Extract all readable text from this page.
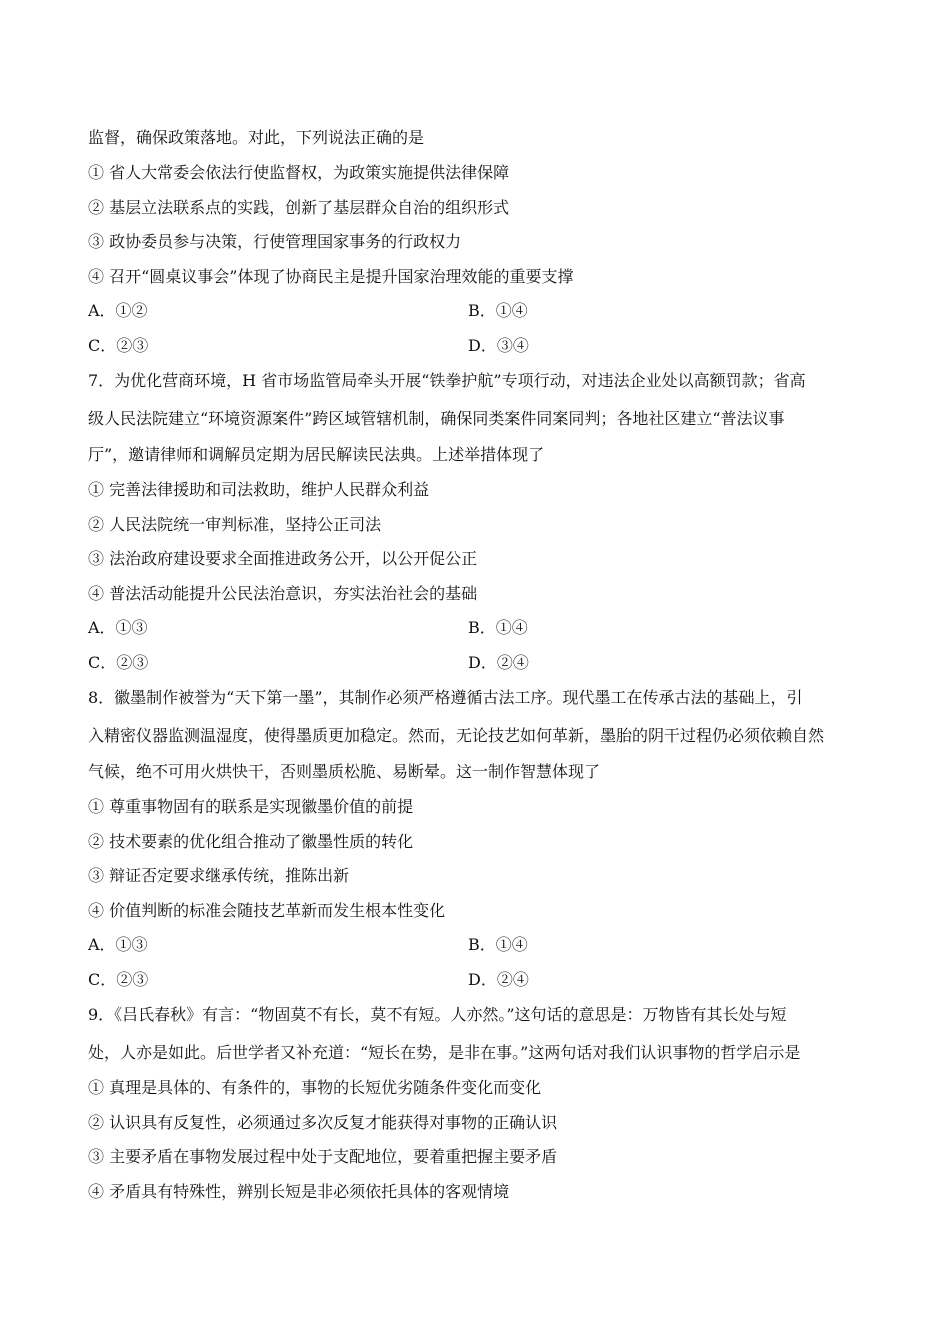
监督，确保政策落地。对此，下列说法正确的是
① 省人大常委会依法行使监督权，为政策实施提供法律保障
② 基层立法联系点的实践，创新了基层群众自治的组织形式
③ 政协委员参与决策，行使管理国家事务的行政权力
④ 召开“圆桌议事会”体现了协商民主是提升国家治理效能的重要支撑
A．①②	B．①④
C．②③	D．③④
7．为优化营商环境，H 省市场监管局牵头开展“铁拳护航”专项行动，对违法企业处以高额罚款；省高
级人民法院建立“环境资源案件”跨区域管辖机制，确保同类案件同案同判；各地社区建立“普法议事
厅”，邀请律师和调解员定期为居民解读民法典。上述举措体现了
① 完善法律援助和司法救助，维护人民群众利益
② 人民法院统一审判标准，坚持公正司法
③ 法治政府建设要求全面推进政务公开，以公开促公正
④ 普法活动能提升公民法治意识，夯实法治社会的基础
A．①③	B．①④
C．②③	D．②④
8．徽墨制作被誉为“天下第一墨”，其制作必须严格遵循古法工序。现代墨工在传承古法的基础上，引
入精密仪器监测温湿度，使得墨质更加稳定。然而，无论技艺如何革新，墨胎的阴干过程仍必须依赖自然
气候，绝不可用火烘快干，否则墨质松脆、易断晕。这一制作智慧体现了
① 尊重事物固有的联系是实现徽墨价值的前提
② 技术要素的优化组合推动了徽墨性质的转化
③ 辩证否定要求继承传统，推陈出新
④ 价值判断的标准会随技艺革新而发生根本性变化
A．①③	B．①④
C．②③	D．②④
9．《吕氏春秋》有言：“物固莫不有长，莫不有短。人亦然。”这句话的意思是：万物皆有其长处与短
处，人亦是如此。后世学者又补充道：“短长在势，是非在事。”这两句话对我们认识事物的哲学启示是
① 真理是具体的、有条件的，事物的长短优劣随条件变化而变化
② 认识具有反复性，必须通过多次反复才能获得对事物的正确认识
③ 主要矛盾在事物发展过程中处于支配地位，要着重把握主要矛盾
④ 矛盾具有特殊性，辨别长短是非必须依托具体的客观情境
